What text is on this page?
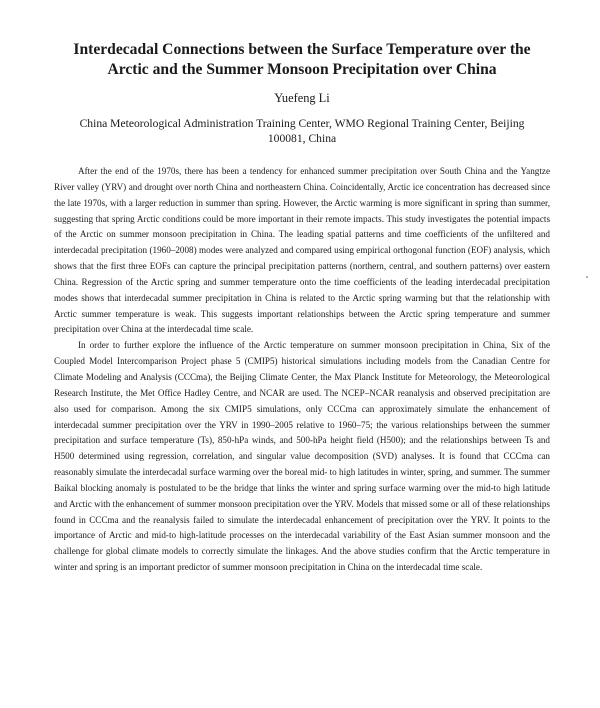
Interdecadal Connections between the Surface Temperature over the Arctic and the Summer Monsoon Precipitation over China

Yuefeng Li

China Meteorological Administration Training Center, WMO Regional Training Center, Beijing 100081, China

After the end of the 1970s, there has been a tendency for enhanced summer precipitation over South China and the Yangtze River valley (YRV) and drought over north China and northeastern China. Coincidentally, Arctic ice concentration has decreased since the late 1970s, with a larger reduction in summer than spring. However, the Arctic warming is more significant in spring than summer, suggesting that spring Arctic conditions could be more important in their remote impacts. This study investigates the potential impacts of the Arctic on summer monsoon precipitation in China. The leading spatial patterns and time coefficients of the unfiltered and interdecadal precipitation (1960–2008) modes were analyzed and compared using empirical orthogonal function (EOF) analysis, which shows that the first three EOFs can capture the principal precipitation patterns (northern, central, and southern patterns) over eastern China. Regression of the Arctic spring and summer temperature onto the time coefficients of the leading interdecadal precipitation modes shows that interdecadal summer precipitation in China is related to the Arctic spring warming but that the relationship with Arctic summer temperature is weak. This suggests important relationships between the Arctic spring temperature and summer precipitation over China at the interdecadal time scale.

In order to further explore the influence of the Arctic temperature on summer monsoon precipitation in China, Six of the Coupled Model Intercomparison Project phase 5 (CMIP5) historical simulations including models from the Canadian Centre for Climate Modeling and Analysis (CCCma), the Beijing Climate Center, the Max Planck Institute for Meteorology, the Meteorological Research Institute, the Met Office Hadley Centre, and NCAR are used. The NCEP–NCAR reanalysis and observed precipitation are also used for comparison. Among the six CMIP5 simulations, only CCCma can approximately simulate the enhancement of interdecadal summer precipitation over the YRV in 1990–2005 relative to 1960–75; the various relationships between the summer precipitation and surface temperature (Ts), 850-hPa winds, and 500-hPa height field (H500); and the relationships between Ts and H500 determined using regression, correlation, and singular value decomposition (SVD) analyses. It is found that CCCma can reasonably simulate the interdecadal surface warming over the boreal mid- to high latitudes in winter, spring, and summer. The summer Baikal blocking anomaly is postulated to be the bridge that links the winter and spring surface warming over the mid-to high latitude and Arctic with the enhancement of summer monsoon precipitation over the YRV. Models that missed some or all of these relationships found in CCCma and the reanalysis failed to simulate the interdecadal enhancement of precipitation over the YRV. It points to the importance of Arctic and mid-to high-latitude processes on the interdecadal variability of the East Asian summer monsoon and the challenge for global climate models to correctly simulate the linkages. And the above studies confirm that the Arctic temperature in winter and spring is an important predictor of summer monsoon precipitation in China on the interdecadal time scale.
